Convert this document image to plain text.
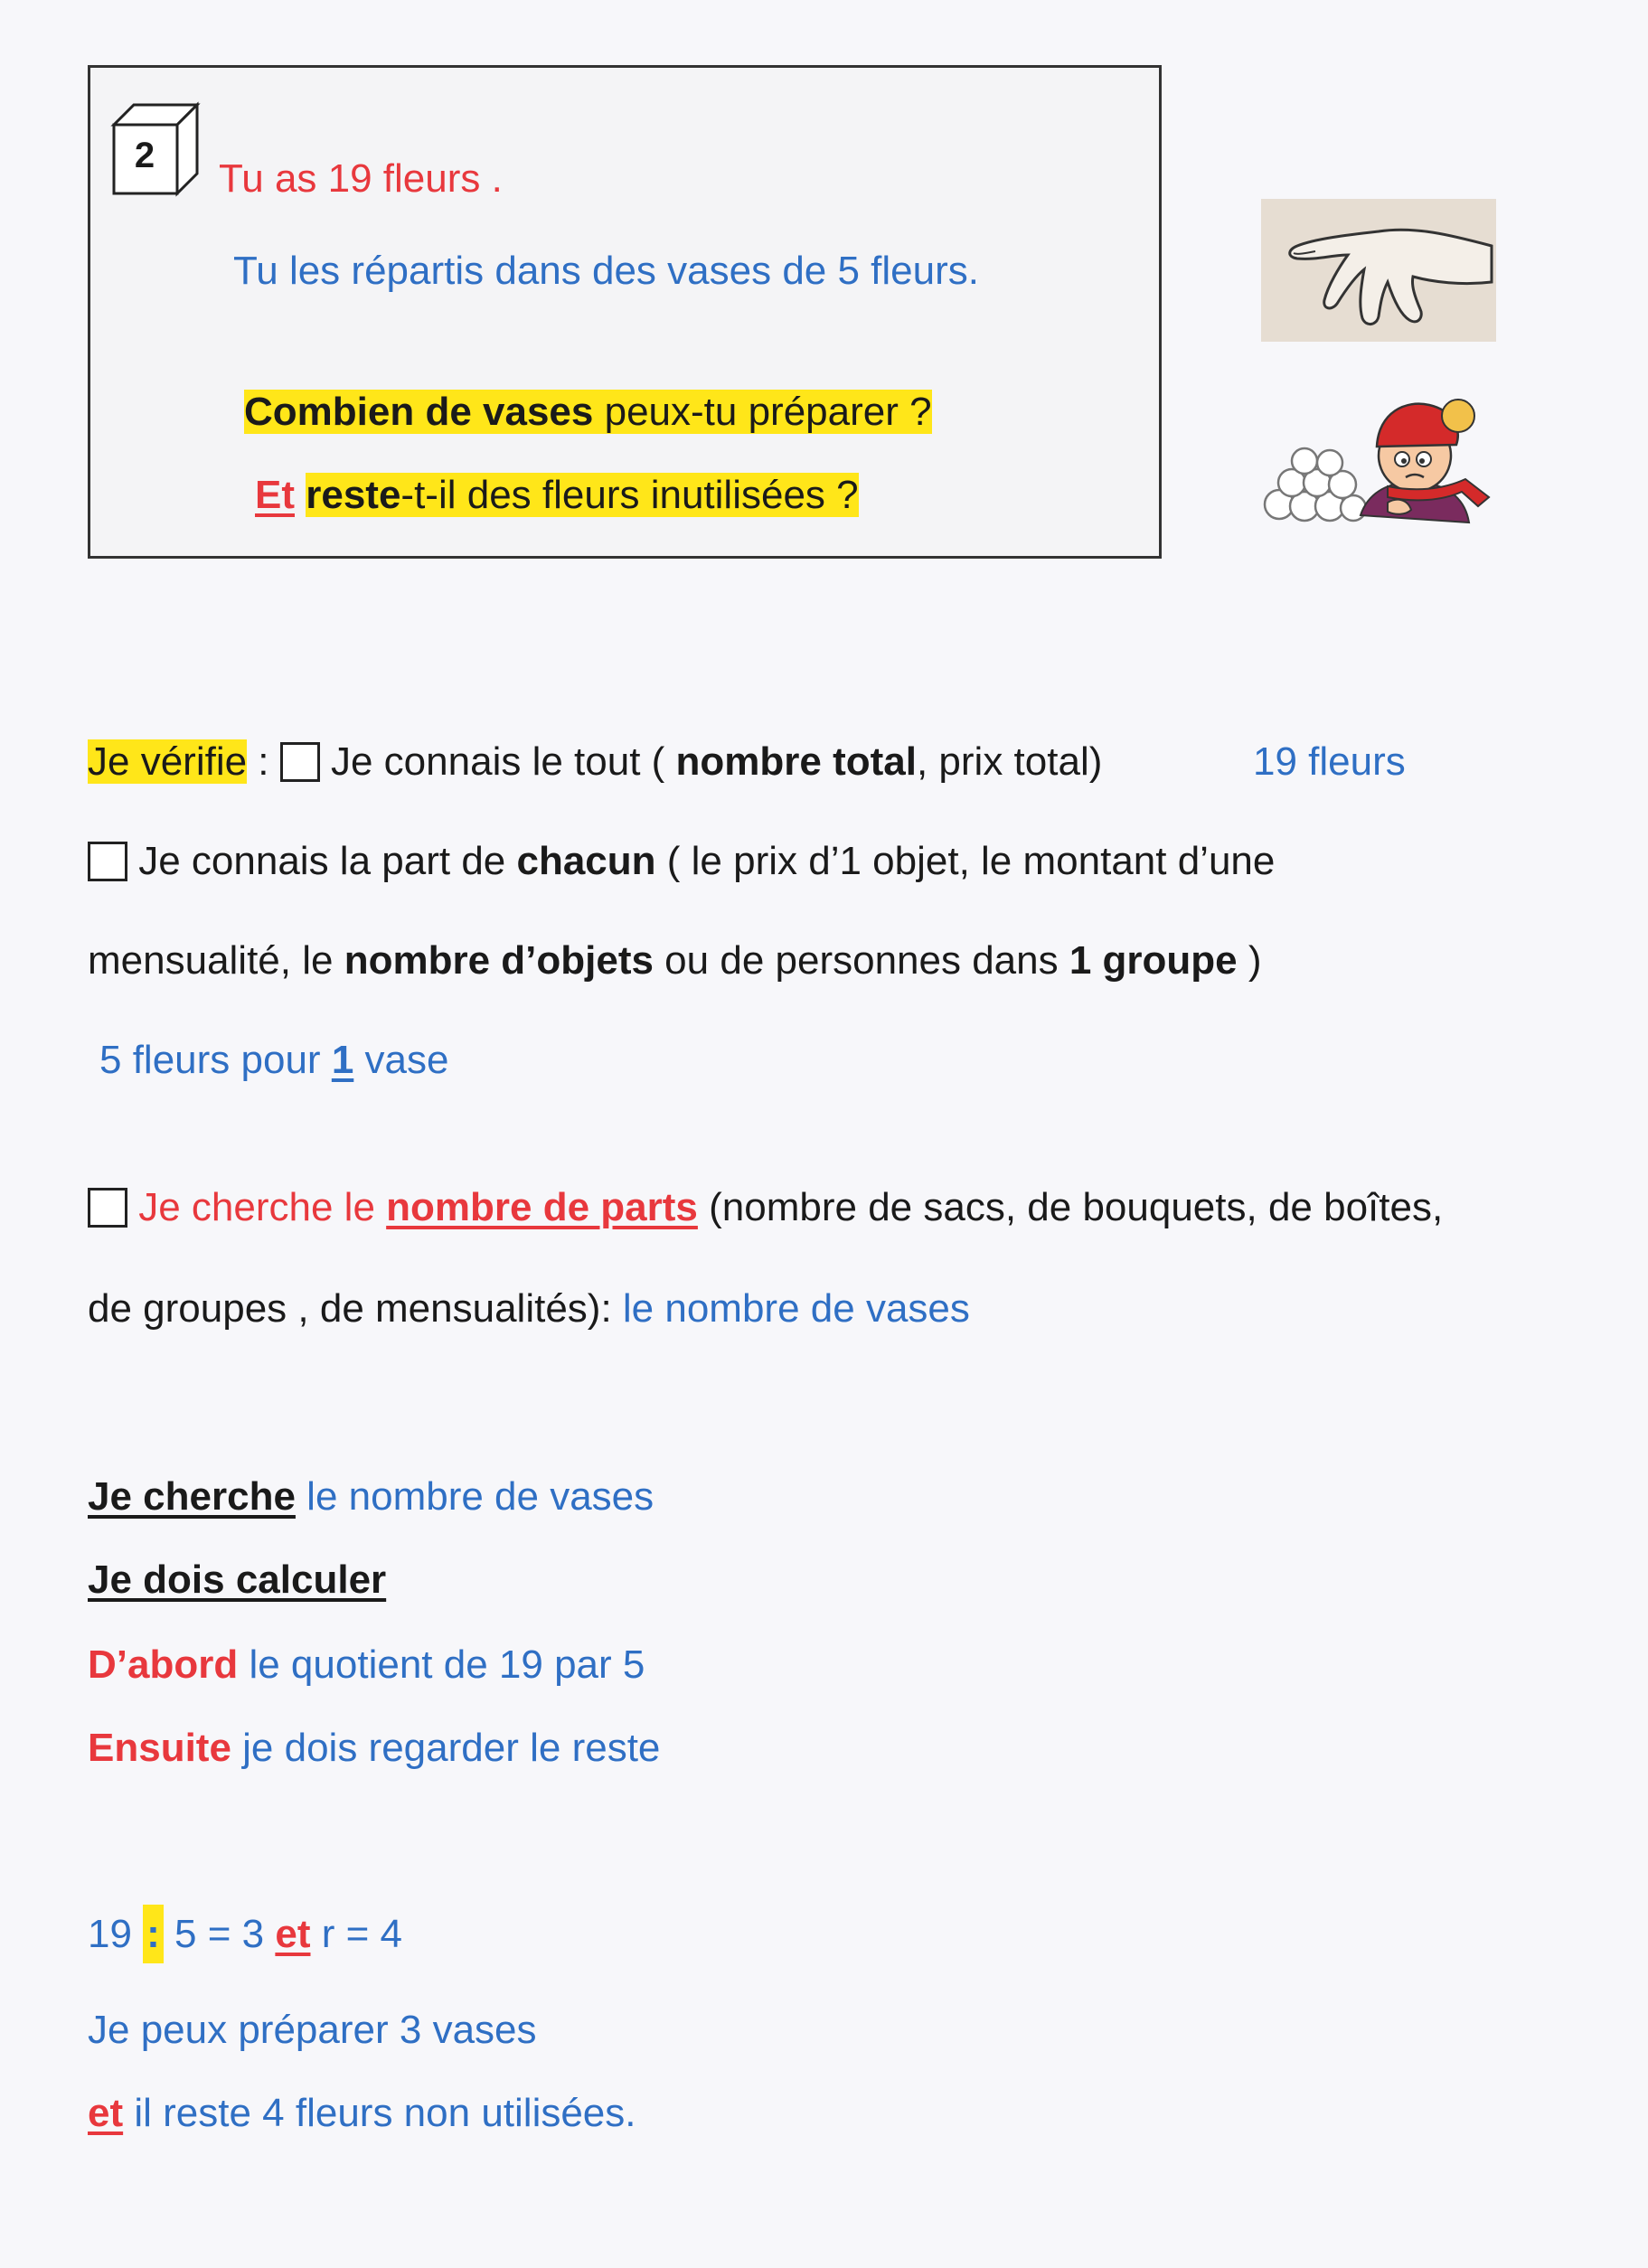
2
Tu as 19 fleurs .
Tu les répartis dans des vases de 5 fleurs.
Combien de vases peux-tu préparer ?
Et reste-t-il des fleurs inutilisées ?
Je vérifie :  Je connais le tout ( nombre total, prix total)	19 fleurs
Je connais la part de chacun ( le prix d’1 objet, le montant d’une
mensualité, le nombre d’objets ou de personnes dans 1 groupe )
5 fleurs pour 1 vase
Je cherche le nombre de parts (nombre de sacs, de bouquets, de boîtes,
de groupes , de mensualités): le nombre de vases
Je cherche le nombre de vases
Je dois calculer
D’abord le quotient de 19 par 5
Ensuite je dois regarder le reste
19 : 5 = 3 et r = 4
Je peux préparer 3 vases
et il reste 4 fleurs non utilisées.
